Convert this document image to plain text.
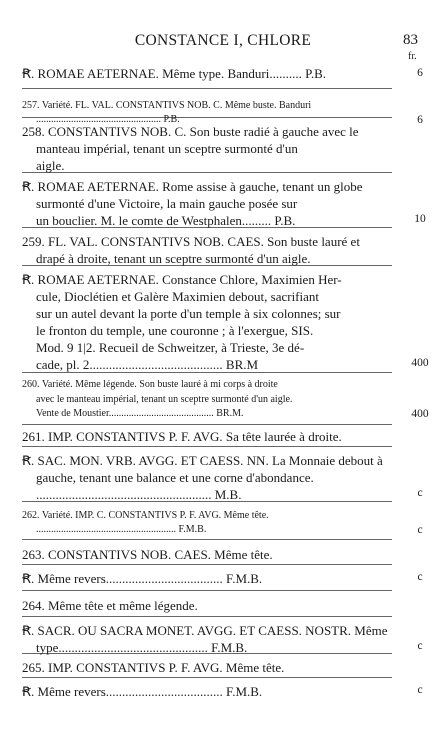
CONSTANCE I, CHLORE	83
fr.
Ꞧ. ROMAE AETERNAE. Même type. Banduri.......... P.B.	6
257. Variété. FL. VAL. CONSTANTIVS NOB. C. Même buste. Banduri
.................................................. P.B.	6
258. CONSTANTIVS NOB. C. Son buste radié à gauche avec le
manteau impérial, tenant un sceptre surmonté d'un
aigle.
Ꞧ. ROMAE AETERNAE. Rome assise à gauche, tenant un globe
surmonté d'une Victoire, la main gauche posée sur
un bouclier. M. le comte de Westphalen......... P.B.	10
259. FL. VAL. CONSTANTIVS NOB. CAES. Son buste lauré et
drapé à droite, tenant un sceptre surmonté d'un aigle.
Ꞧ. ROMAE AETERNAE. Constance Chlore, Maximien Her-
cule, Dioclétien et Galère Maximien debout, sacrifiant
sur un autel devant la porte d'un temple à six colonnes; sur
le fronton du temple, une couronne ; à l'exergue, SIS.
Mod. 9 1|2. Recueil de Schweitzer, à Trieste, 3e dé-
cade, pl. 2......................................... BR.M	400
260. Variété. Même légende. Son buste lauré à mi corps à droite
avec le manteau impérial, tenant un sceptre surmonté d'un aigle.
Vente de Moustier.......................................... BR.M.	400
261. IMP. CONSTANTIVS P. F. AVG. Sa tête laurée à droite.
Ꞧ. SAC. MON. VRB. AVGG. ET CAESS. NN. La Monnaie debout à
gauche, tenant une balance et une corne d'abondance.
...................................................... M.B.	c
262. Variété. IMP. C. CONSTANTIVS P. F. AVG. Même tête.
........................................................ F.M.B.	c
263. CONSTANTIVS NOB. CAES. Même tête.
Ꞧ. Même revers.................................... F.M.B.	c
264. Même tête et même légende.
Ꞧ. SACR. OU SACRA MONET. AVGG. ET CAESS. NOSTR. Même
type.............................................. F.M.B.	c
265. IMP. CONSTANTIVS P. F. AVG. Même tête.
Ꞧ. Même revers.................................... F.M.B.	c
